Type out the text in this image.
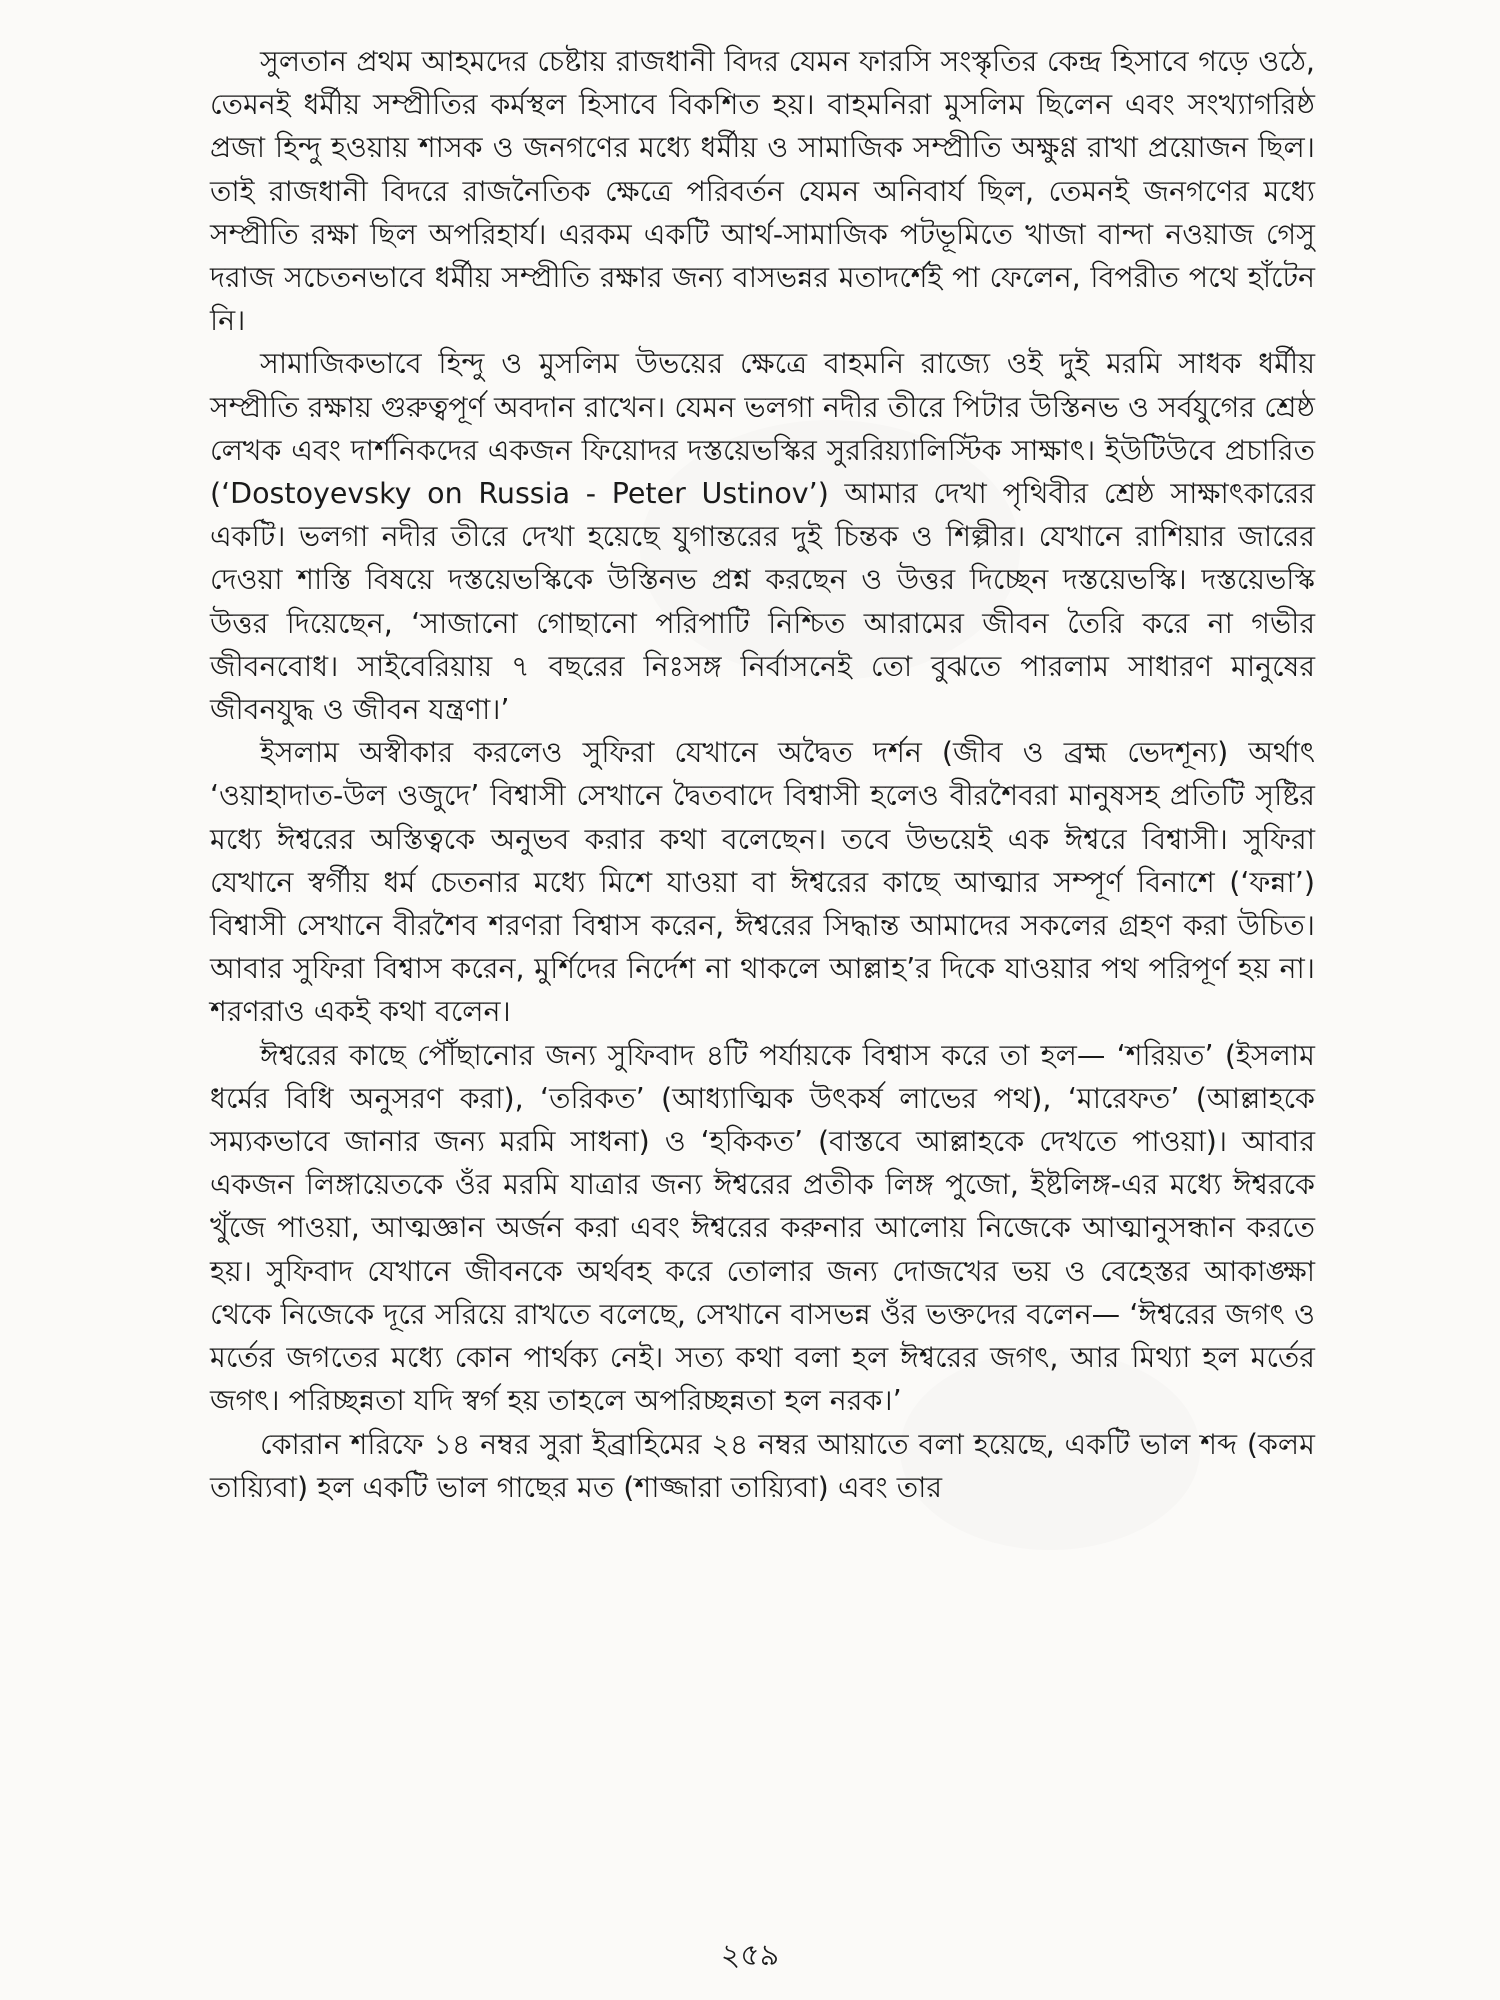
সুলতান প্রথম আহমদের চেষ্টায় রাজধানী বিদর যেমন ফারসি সংস্কৃতির কেন্দ্র হিসাবে গড়ে ওঠে, তেমনই ধর্মীয় সম্প্রীতির কর্মস্থল হিসাবে বিকশিত হয়। বাহমনিরা মুসলিম ছিলেন এবং সংখ্যাগরিষ্ঠ প্রজা হিন্দু হওয়ায় শাসক ও জনগণের মধ্যে ধর্মীয় ও সামাজিক সম্প্রীতি অক্ষুণ্ণ রাখা প্রয়োজন ছিল। তাই রাজধানী বিদরে রাজনৈতিক ক্ষেত্রে পরিবর্তন যেমন অনিবার্য ছিল, তেমনই জনগণের মধ্যে সম্প্রীতি রক্ষা ছিল অপরিহার্য। এরকম একটি আর্থ-সামাজিক পটভূমিতে খাজা বান্দা নওয়াজ গেসু দরাজ সচেতনভাবে ধর্মীয় সম্প্রীতি রক্ষার জন্য বাসভন্নর মতাদর্শেই পা ফেলেন, বিপরীত পথে হাঁটেন নি।

সামাজিকভাবে হিন্দু ও মুসলিম উভয়ের ক্ষেত্রে বাহমনি রাজ্যে ওই দুই মরমি সাধক ধর্মীয় সম্প্রীতি রক্ষায় গুরুত্বপূর্ণ অবদান রাখেন। যেমন ভলগা নদীর তীরে পিটার উস্তিনভ ও সর্বযুগের শ্রেষ্ঠ লেখক এবং দার্শনিকদের একজন ফিয়োদর দস্তয়েভস্কির সুররিয়্যালিস্টিক সাক্ষাৎ। ইউটিউবে প্রচারিত (‘Dostoyevsky on Russia - Peter Ustinov’) আমার দেখা পৃথিবীর শ্রেষ্ঠ সাক্ষাৎকারের একটি। ভলগা নদীর তীরে দেখা হয়েছে যুগান্তরের দুই চিন্তক ও শিল্পীর। যেখানে রাশিয়ার জারের দেওয়া শাস্তি বিষয়ে দস্তয়েভস্কিকে উস্তিনভ প্রশ্ন করছেন ও উত্তর দিচ্ছেন দস্তয়েভস্কি। দস্তয়েভস্কি উত্তর দিয়েছেন, ‘সাজানো গোছানো পরিপাটি নিশ্চিত আরামের জীবন তৈরি করে না গভীর জীবনবোধ। সাইবেরিয়ায় ৭ বছরের নিঃসঙ্গ নির্বাসনেই তো বুঝতে পারলাম সাধারণ মানুষের জীবনযুদ্ধ ও জীবন যন্ত্রণা।’

ইসলাম অস্বীকার করলেও সুফিরা যেখানে অদ্বৈত দর্শন (জীব ও ব্রহ্ম ভেদশূন্য) অর্থাৎ ‘ওয়াহাদাত-উল ওজুদে’ বিশ্বাসী সেখানে দ্বৈতবাদে বিশ্বাসী হলেও বীরশৈবরা মানুষসহ প্রতিটি সৃষ্টির মধ্যে ঈশ্বরের অস্তিত্বকে অনুভব করার কথা বলেছেন। তবে উভয়েই এক ঈশ্বরে বিশ্বাসী। সুফিরা যেখানে স্বর্গীয় ধর্ম চেতনার মধ্যে মিশে যাওয়া বা ঈশ্বরের কাছে আত্মার সম্পূর্ণ বিনাশে (‘ফন্না’) বিশ্বাসী সেখানে বীরশৈব শরণরা বিশ্বাস করেন, ঈশ্বরের সিদ্ধান্ত আমাদের সকলের গ্রহণ করা উচিত। আবার সুফিরা বিশ্বাস করেন, মুর্শিদের নির্দেশ না থাকলে আল্লাহ’র দিকে যাওয়ার পথ পরিপূর্ণ হয় না। শরণরাও একই কথা বলেন।

ঈশ্বরের কাছে পৌঁছানোর জন্য সুফিবাদ ৪টি পর্যায়কে বিশ্বাস করে তা হল— ‘শরিয়ত’ (ইসলাম ধর্মের বিধি অনুসরণ করা), ‘তরিকত’ (আধ্যাত্মিক উৎকর্ষ লাভের পথ), ‘মারেফত’ (আল্লাহকে সম্যকভাবে জানার জন্য মরমি সাধনা) ও ‘হকিকত’ (বাস্তবে আল্লাহকে দেখতে পাওয়া)। আবার একজন লিঙ্গায়েতকে ওঁর মরমি যাত্রার জন্য ঈশ্বরের প্রতীক লিঙ্গ পুজো, ইষ্টলিঙ্গ-এর মধ্যে ঈশ্বরকে খুঁজে পাওয়া, আত্মজ্ঞান অর্জন করা এবং ঈশ্বরের করুনার আলোয় নিজেকে আত্মানুসন্ধান করতে হয়। সুফিবাদ যেখানে জীবনকে অর্থবহ করে তোলার জন্য দোজখের ভয় ও বেহেস্তর আকাঙ্ক্ষা থেকে নিজেকে দূরে সরিয়ে রাখতে বলেছে, সেখানে বাসভন্ন ওঁর ভক্তদের বলেন— ‘ঈশ্বরের জগৎ ও মর্তের জগতের মধ্যে কোন পার্থক্য নেই। সত্য কথা বলা হল ঈশ্বরের জগৎ, আর মিথ্যা হল মর্তের জগৎ। পরিচ্ছন্নতা যদি স্বর্গ হয় তাহলে অপরিচ্ছন্নতা হল নরক।’

কোরান শরিফে ১৪ নম্বর সুরা ইব্রাহিমের ২৪ নম্বর আয়াতে বলা হয়েছে, একটি ভাল শব্দ (কলম তায়্যিবা) হল একটি ভাল গাছের মত (শাজ্জারা তায়্যিবা) এবং তার

২৫৯
